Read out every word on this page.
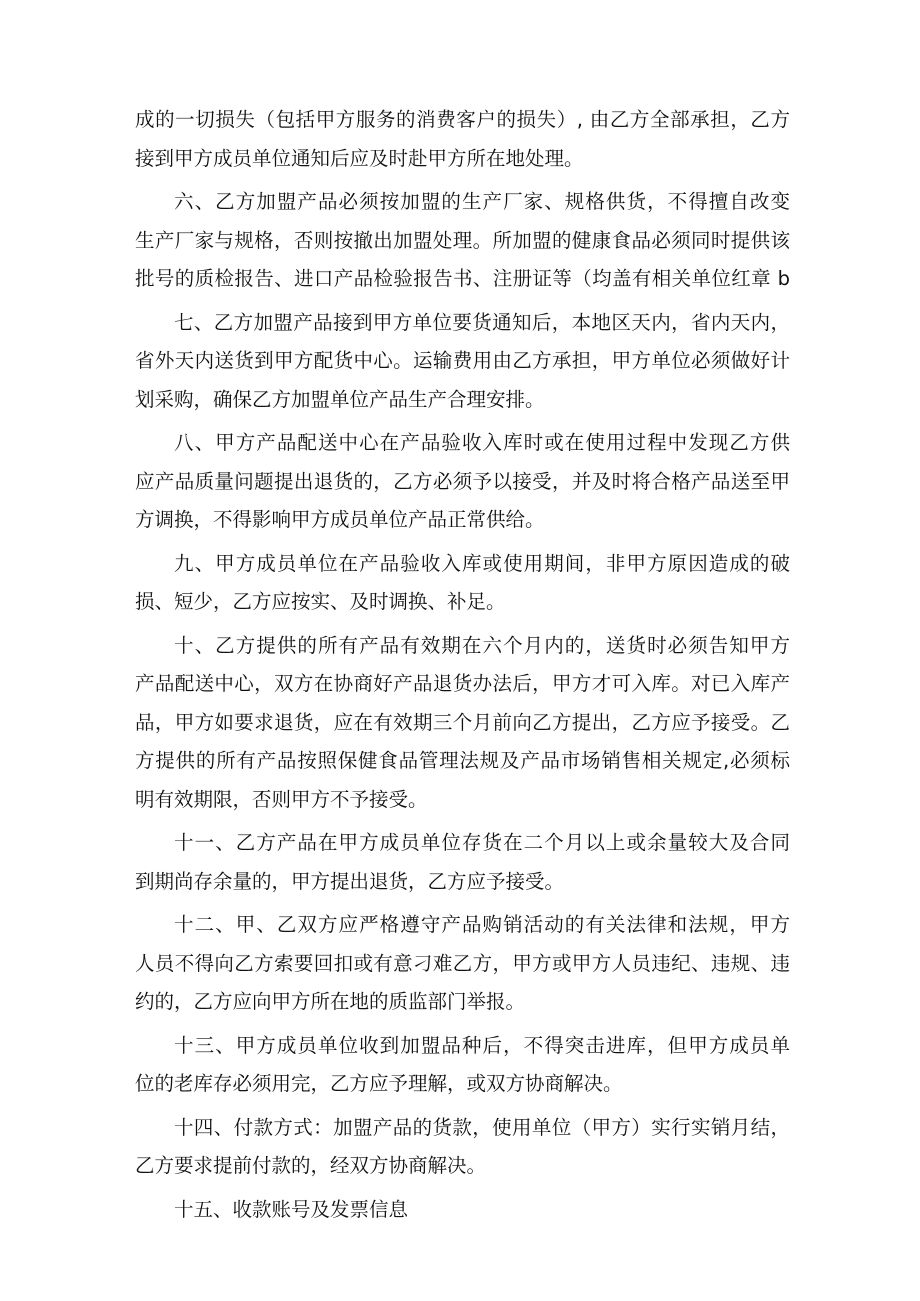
成的一切损失（包括甲方服务的消费客户的损失）, 由乙方全部承担，乙方
接到甲方成员单位通知后应及时赴甲方所在地处理。

六、乙方加盟产品必须按加盟的生产厂家、规格供货，不得擅自改变
生产厂家与规格，否则按撤出加盟处理。所加盟的健康食品必须同时提供该
批号的质检报告、进口产品检验报告书、注册证等（均盖有相关单位红章 b

七、乙方加盟产品接到甲方单位要货通知后，本地区天内，省内天内，
省外天内送货到甲方配货中心。运输费用由乙方承担，甲方单位必须做好计
划采购，确保乙方加盟单位产品生产合理安排。

八、甲方产品配送中心在产品验收入库时或在使用过程中发现乙方供
应产品质量问题提出退货的，乙方必须予以接受，并及时将合格产品送至甲
方调换，不得影响甲方成员单位产品正常供给。

九、甲方成员单位在产品验收入库或使用期间，非甲方原因造成的破
损、短少，乙方应按实、及时调换、补足。

十、乙方提供的所有产品有效期在六个月内的，送货时必须告知甲方
产品配送中心，双方在协商好产品退货办法后，甲方才可入库。对已入库产
品，甲方如要求退货，应在有效期三个月前向乙方提出，乙方应予接受。乙
方提供的所有产品按照保健食品管理法规及产品市场销售相关规定,必须标
明有效期限，否则甲方不予接受。

十一、乙方产品在甲方成员单位存货在二个月以上或余量较大及合同
到期尚存余量的，甲方提出退货，乙方应予接受。

十二、甲、乙双方应严格遵守产品购销活动的有关法律和法规，甲方
人员不得向乙方索要回扣或有意刁难乙方，甲方或甲方人员违纪、违规、违
约的，乙方应向甲方所在地的质监部门举报。

十三、甲方成员单位收到加盟品种后，不得突击进库，但甲方成员单
位的老库存必须用完，乙方应予理解，或双方协商解决。

十四、付款方式：加盟产品的货款，使用单位（甲方）实行实销月结，
乙方要求提前付款的，经双方协商解决。

十五、收款账号及发票信息
